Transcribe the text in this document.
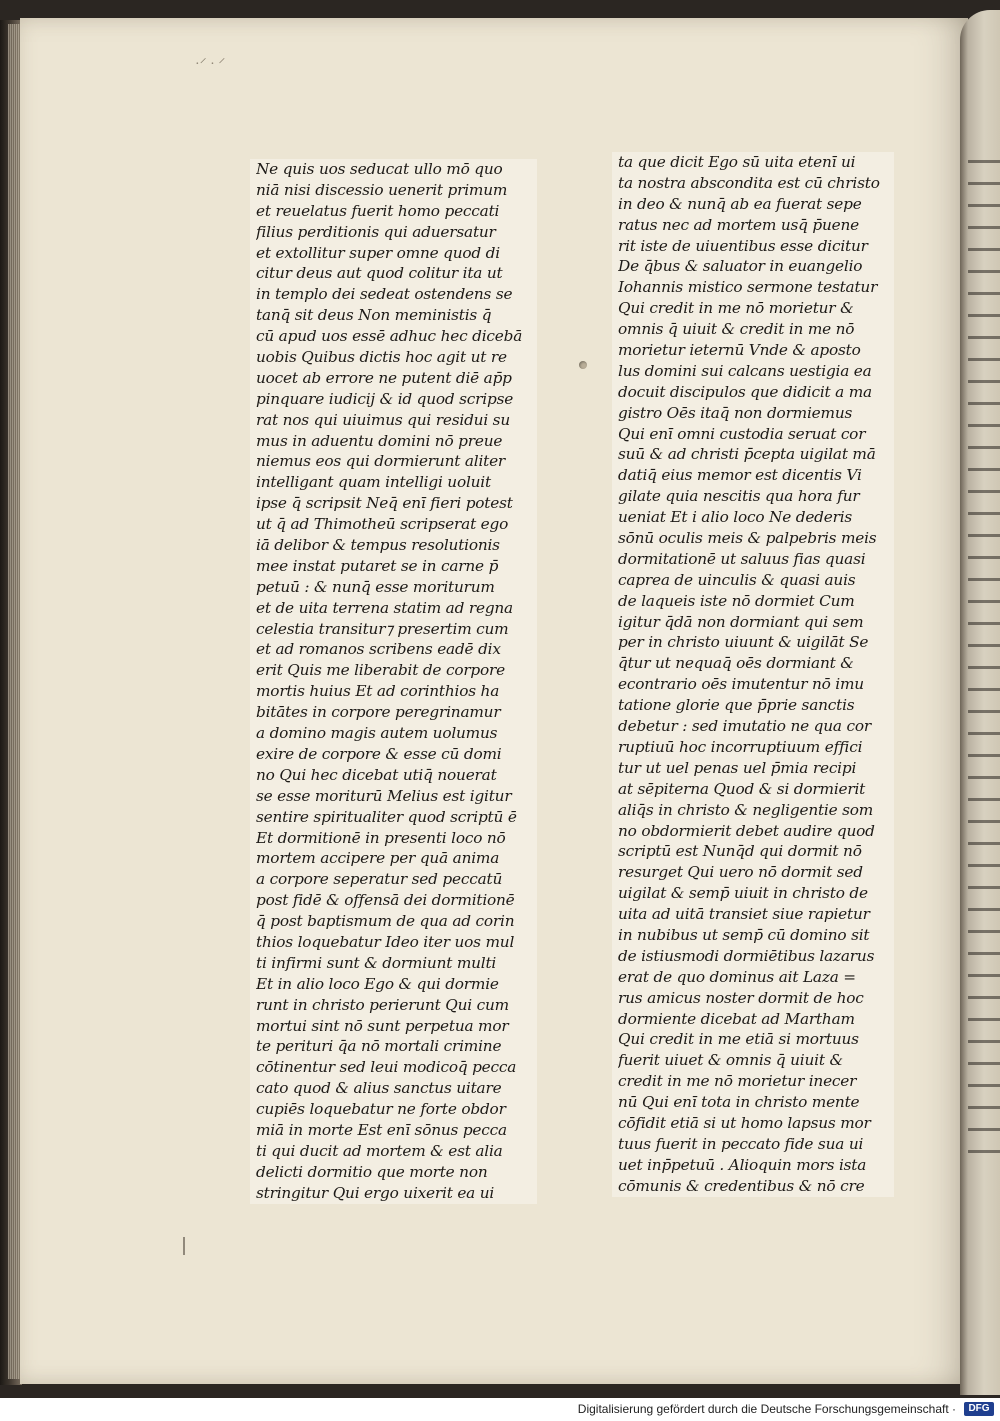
·⸍ · ⸍
Ne quis uos seducat ullo mō quo
niā nisi discessio uenerit primum
et reuelatus fuerit homo peccati
filius perditionis qui aduersatur
et extollitur super omne quod di
citur deus aut quod colitur ita ut
in templo dei sedeat ostendens se
tanq̄ sit deus Non meministis q̄
cū apud uos essē adhuc hec dicebā
uobis Quibus dictis hoc agit ut re
uocet ab errore ne putent diē ap̄p
pinquare iudicij & id quod scripse
rat nos qui uiuimus qui residui su
mus in aduentu domini nō preue
niemus eos qui dormierunt aliter
intelligant quam intelligi uoluit
ipse q̄ scripsit Neq̄ enī fieri potest
ut q̄ ad Thimotheū scripserat ego
iā delibor & tempus resolutionis
mee instat putaret se in carne p̄
petuū : & nunq̄ esse moriturum
et de uita terrena statim ad regna
celestia transitur⁊ presertim cum
et ad romanos scribens eadē dix
erit Quis me liberabit de corpore
mortis huius Et ad corinthios ha
bitātes in corpore peregrinamur
a domino magis autem uolumus
exire de corpore & esse cū domi
no Qui hec dicebat utiq̄ nouerat
se esse moriturū Melius est igitur
sentire spiritualiter quod scriptū ē
Et dormitionē in presenti loco nō
mortem accipere per quā anima
a corpore seperatur sed peccatū
post fidē & offensā dei dormitionē
q̄ post baptismum de qua ad corin
thios loquebatur Ideo iter uos mul
ti infirmi sunt & dormiunt multi
Et in alio loco Ego & qui dormie
runt in christo perierunt Qui cum
mortui sint nō sunt perpetua mor
te perituri q̄a nō mortali crimine
cōtinentur sed leui modicoq̄ pecca
cato quod & alius sanctus uitare
cupiēs loquebatur ne forte obdor
miā in morte Est enī sōnus pecca
ti qui ducit ad mortem & est alia
delicti dormitio que morte non
stringitur Qui ergo uixerit ea ui
ta que dicit Ego sū uita etenī ui
ta nostra abscondita est cū christo
in deo & nunq̄ ab ea fuerat sepe
ratus nec ad mortem usq̄ p̄uene
rit iste de uiuentibus esse dicitur
De q̄bus & saluator in euangelio
Iohannis mistico sermone testatur
Qui credit in me nō morietur &
omnis q̄ uiuit & credit in me nō
morietur ieternū Vnde & aposto
lus domini sui calcans uestigia ea
docuit discipulos que didicit a ma
gistro Oēs itaq̄ non dormiemus
Qui enī omni custodia seruat cor
suū & ad christi p̄cepta uigilat mā
datiq̄ eius memor est dicentis Vi
gilate quia nescitis qua hora fur
ueniat Et i alio loco Ne dederis
sōnū oculis meis & palpebris meis
dormitationē ut saluus fias quasi
caprea de uinculis & quasi auis
de laqueis iste nō dormiet Cum
igitur q̄dā non dormiant qui sem
per in christo uiuunt & uigilāt Se
q̄tur ut nequaq̄ oēs dormiant &
econtrario oēs imutentur nō imu
tatione glorie que p̄prie sanctis
debetur : sed imutatio ne qua cor
ruptiuū hoc incorruptiuum effici
tur ut uel penas uel p̄mia recipi
at sēpiterna Quod & si dormierit
aliq̄s in christo & negligentie som
no obdormierit debet audire quod
scriptū est Nunq̄d qui dormit nō
resurget Qui uero nō dormit sed
uigilat & semp̄ uiuit in christo de
uita ad uitā transiet siue rapietur
in nubibus ut semp̄ cū domino sit
de istiusmodi dormiētibus lazarus
erat de quo dominus ait Laza =
rus amicus noster dormit de hoc
dormiente dicebat ad Martham
Qui credit in me etiā si mortuus
fuerit uiuet & omnis q̄ uiuit &
credit in me nō morietur inecer
nū Qui enī tota in christo mente
cōfidit etiā si ut homo lapsus mor
tuus fuerit in peccato fide sua ui
uet inp̄petuū . Alioquin mors ista
cōmunis & credentibus & nō cre
Digitalisierung gefördert durch die Deutsche Forschungsgemeinschaft ·	DFG
